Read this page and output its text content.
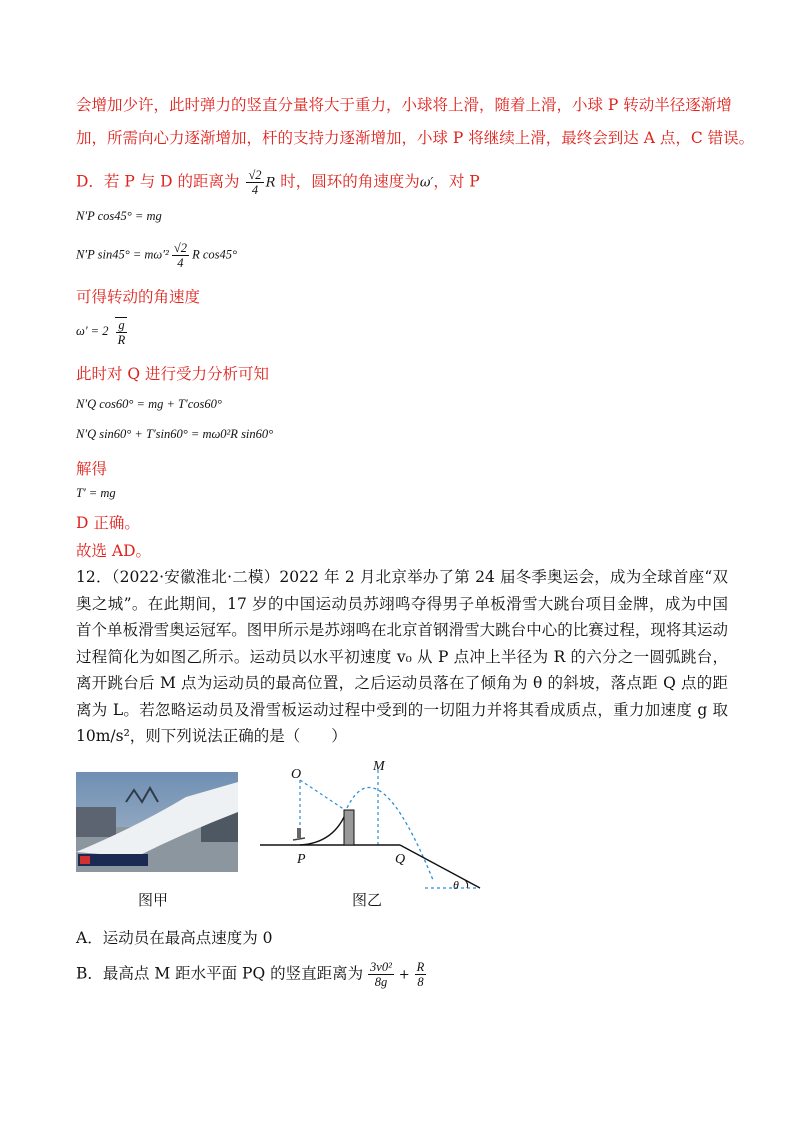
会增加少许，此时弹力的竖直分量将大于重力，小球将上滑，随着上滑，小球 P 转动半径逐渐增
加，所需向心力逐渐增加，杆的支持力逐渐增加，小球 P 将继续上滑，最终会到达 A 点，C 错误。
D．若 P 与 D 的距离为 $\frac{√2}{4}$ R 时，圆环的角速度为ω′，对 P
N′P cos45° = mg
N′P $\sin 45^\circ = m\omega'^2 \frac{√2}{4}$ R cos45°
可得转动的角速度
$\omega' = 2 \frac{g}{R}$
此时对 Q 进行受力分析可知
N′Q cos60° = mg + T′cos60°
N′Q sin60° + T′sin60° = mω0²R sin60°
解得
T′ = mg
D 正确。
故选 AD。
12．（2022·安徽淮北·二模）2022 年 2 月北京举办了第 24 届冬季奥运会，成为全球首座“双奥之城”。在此期间，17 岁的中国运动员苏翊鸣夺得男子单板滑雪大跳台项目金牌，成为中国首个单板滑雪奥运冠军。图甲所示是苏翊鸣在北京首钢滑雪大跳台中心的比赛过程，现将其运动过程简化为如图乙所示。运动员以水平初速度 v₀ 从 P 点冲上半径为 R 的六分之一圆弧跳台，离开跳台后 M 点为运动员的最高位置，之后运动员落在了倾角为 θ 的斜坡，落点距 Q 点的距离为 L。若忽略运动员及滑雪板运动过程中受到的一切阻力并将其看成质点，重力加速度 g 取 10m/s²，则下列说法正确的是（　　）
图甲
O
M
P	Q
θ
图乙
A．运动员在最高点速度为 0
B．最高点 M 距水平面 PQ 的竖直距离为 $\frac{\text{3v0²}}{8g} + \frac{R}{8}$
